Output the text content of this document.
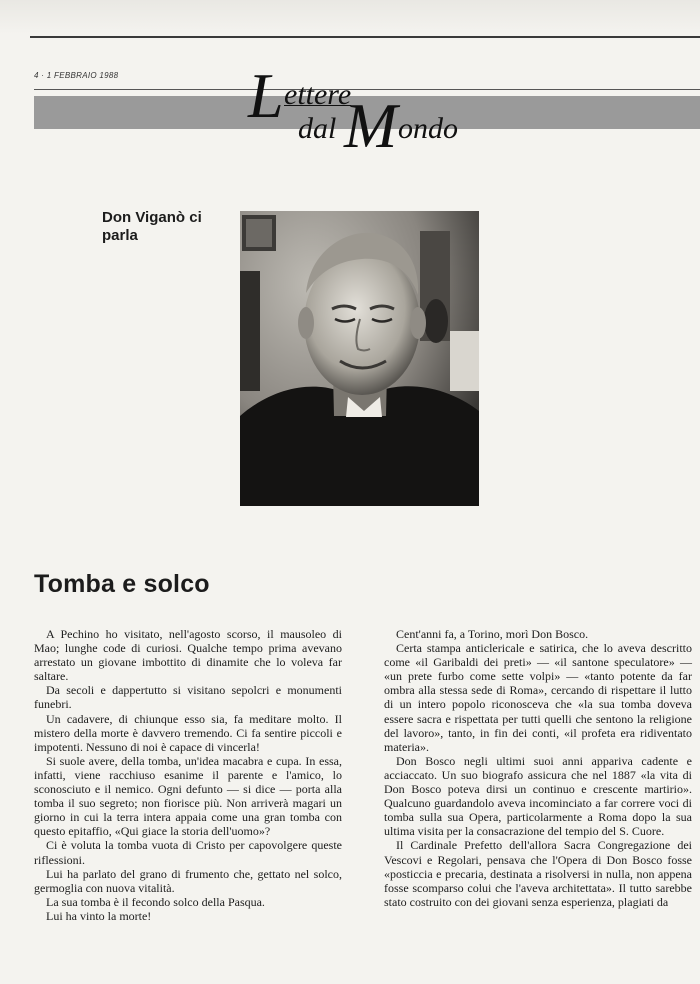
4 · 1 FEBBRAIO 1988 L ettere
dal M ondo
Don Viganò ci parla
Tomba e solco

A Pechino ho visitato, nell'agosto scorso, il mausoleo di Mao; lunghe code di curiosi. Qualche tempo prima avevano arrestato un giovane imbottito di dinamite che lo voleva far saltare.

Da secoli e dappertutto si visitano sepolcri e monumenti funebri.

Un cadavere, di chiunque esso sia, fa meditare molto. Il mistero della morte è davvero tremendo. Ci fa sentire piccoli e impotenti. Nessuno di noi è capace di vincerla!

Si suole avere, della tomba, un'idea macabra e cupa. In essa, infatti, viene racchiuso esanime il parente e l'amico, lo sconosciuto e il nemico. Ogni defunto — si dice — porta alla tomba il suo segreto; non fiorisce più. Non arriverà magari un giorno in cui la terra intera appaia come una gran tomba con questo epitaffio, «Qui giace la storia dell'uomo»?

Ci è voluta la tomba vuota di Cristo per capovolgere queste riflessioni.

Lui ha parlato del grano di frumento che, gettato nel solco, germoglia con nuova vitalità.

La sua tomba è il fecondo solco della Pasqua.

Lui ha vinto la morte!

Cent'anni fa, a Torino, morì Don Bosco.

Certa stampa anticlericale e satirica, che lo aveva descritto come «il Garibaldi dei preti» — «il santone speculatore» — «un prete furbo come sette volpi» — «tanto potente da far ombra alla stessa sede di Roma», cercando di rispettare il lutto di un intero popolo riconosceva che «la sua tomba doveva essere sacra e rispettata per tutti quelli che sentono la religione del lavoro», tanto, in fin dei conti, «il profeta era ridiventato materia».

Don Bosco negli ultimi suoi anni appariva cadente e acciaccato. Un suo biografo assicura che nel 1887 «la vita di Don Bosco poteva dirsi un continuo e crescente martirio». Qualcuno guardandolo aveva incominciato a far correre voci di tomba sulla sua Opera, particolarmente a Roma dopo la sua ultima visita per la consacrazione del tempio del S. Cuore.

Il Cardinale Prefetto dell'allora Sacra Congregazione dei Vescovi e Regolari, pensava che l'Opera di Don Bosco fosse «posticcia e precaria, destinata a risolversi in nulla, non appena fosse scomparso colui che l'aveva architettata». Il tutto sarebbe stato costruito con dei giovani senza esperienza, plagiati da
